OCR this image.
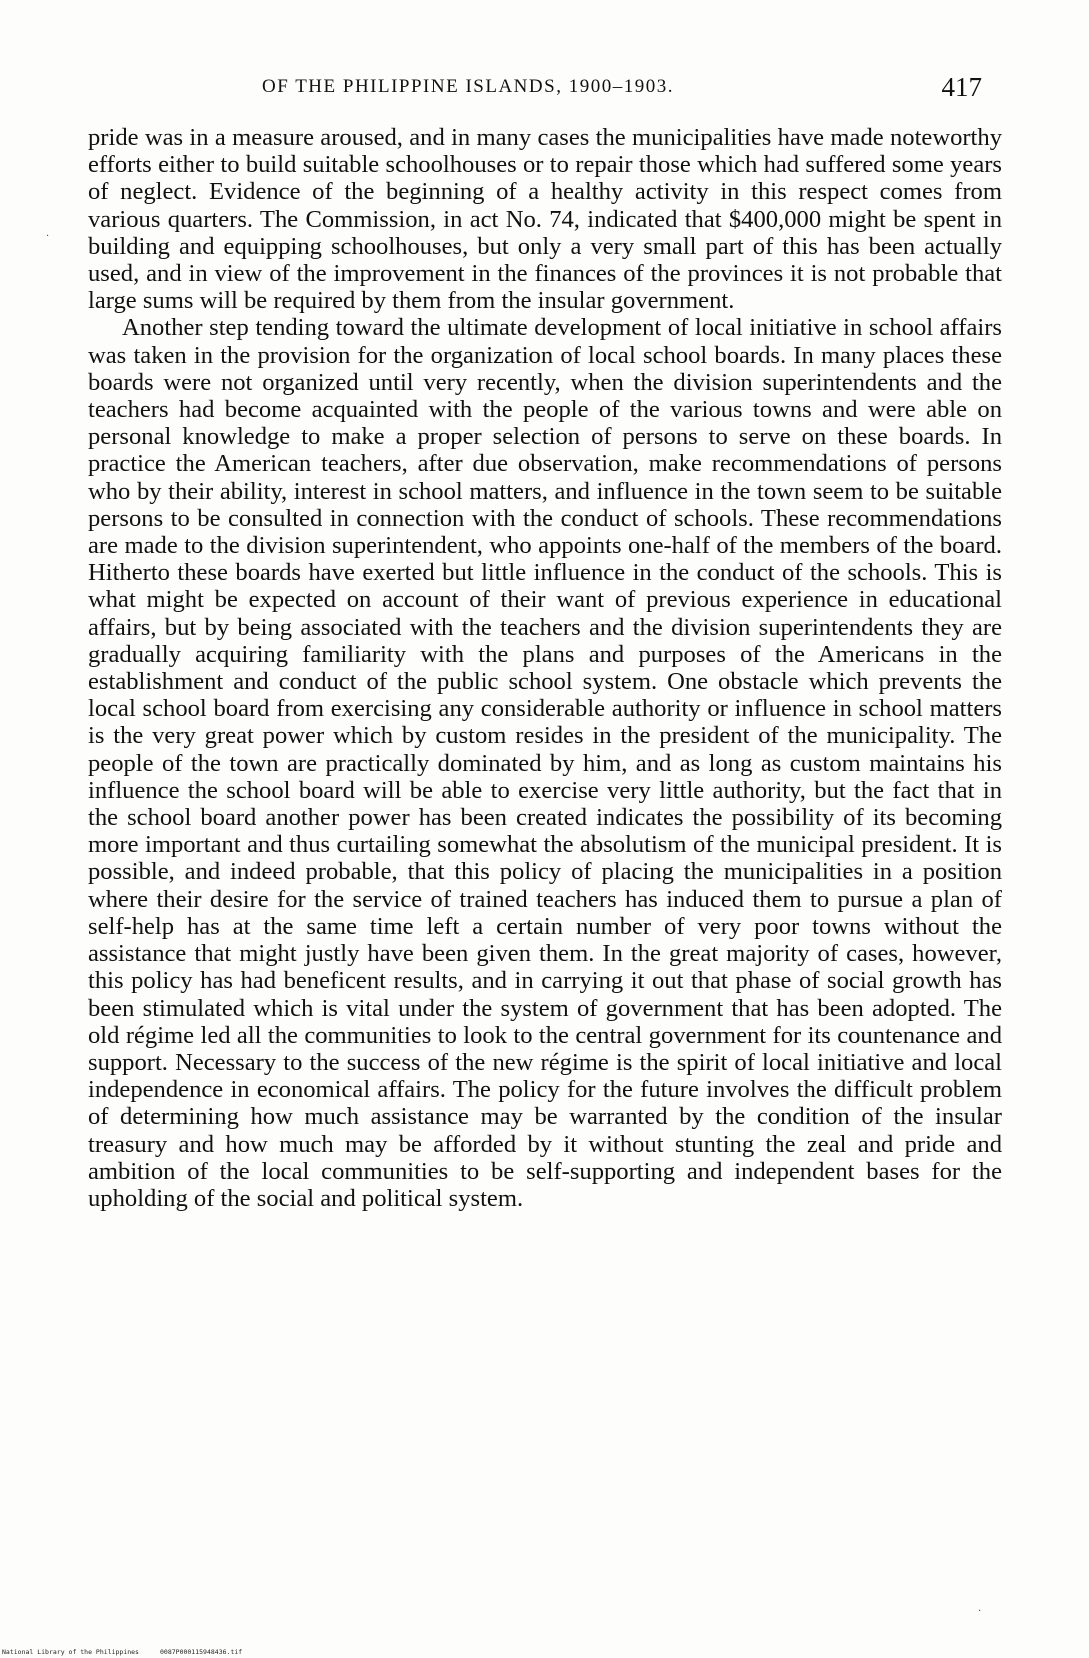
OF THE PHILIPPINE ISLANDS, 1900–1903.	417
.

pride was in a measure aroused, and in many cases the municipalities have made noteworthy efforts either to build suitable schoolhouses or to repair those which had suffered some years of neglect. Evidence of the beginning of a healthy activity in this respect comes from various quarters. The Commission, in act No. 74, indicated that $400,000 might be spent in building and equipping schoolhouses, but only a very small part of this has been actually used, and in view of the improvement in the finances of the provinces it is not probable that large sums will be required by them from the insular government.

Another step tending toward the ultimate development of local initiative in school affairs was taken in the provision for the organization of local school boards. In many places these boards were not organized until very recently, when the division superintendents and the teachers had become acquainted with the people of the various towns and were able on personal knowledge to make a proper selection of persons to serve on these boards. In practice the American teachers, after due observation, make recommendations of persons who by their ability, interest in school matters, and influence in the town seem to be suitable persons to be consulted in connection with the conduct of schools. These recommendations are made to the division superintendent, who appoints one-half of the members of the board. Hitherto these boards have exerted but little influence in the conduct of the schools. This is what might be expected on account of their want of previous experience in educational affairs, but by being associated with the teachers and the division superintendents they are gradually acquiring familiarity with the plans and purposes of the Americans in the establishment and conduct of the public school system. One obstacle which prevents the local school board from exercising any considerable authority or influence in school matters is the very great power which by custom resides in the president of the municipality. The people of the town are practically dominated by him, and as long as custom maintains his influence the school board will be able to exercise very little authority, but the fact that in the school board another power has been created indicates the possibility of its becoming more important and thus curtailing somewhat the absolutism of the municipal president. It is possible, and indeed probable, that this policy of placing the municipalities in a position where their desire for the service of trained teachers has induced them to pursue a plan of self-help has at the same time left a certain number of very poor towns without the assistance that might justly have been given them. In the great majority of cases, however, this policy has had beneficent results, and in carrying it out that phase of social growth has been stimulated which is vital under the system of government that has been adopted. The old régime led all the communities to look to the central government for its countenance and support. Necessary to the success of the new régime is the spirit of local initiative and local independence in economical affairs. The policy for the future involves the difficult problem of determining how much assistance may be warranted by the condition of the insular treasury and how much may be afforded by it without stunting the zeal and pride and ambition of the local communities to be self-supporting and independent bases for the upholding of the social and political system.

·
National Library of the Philippines	0087P000115948436.tif
